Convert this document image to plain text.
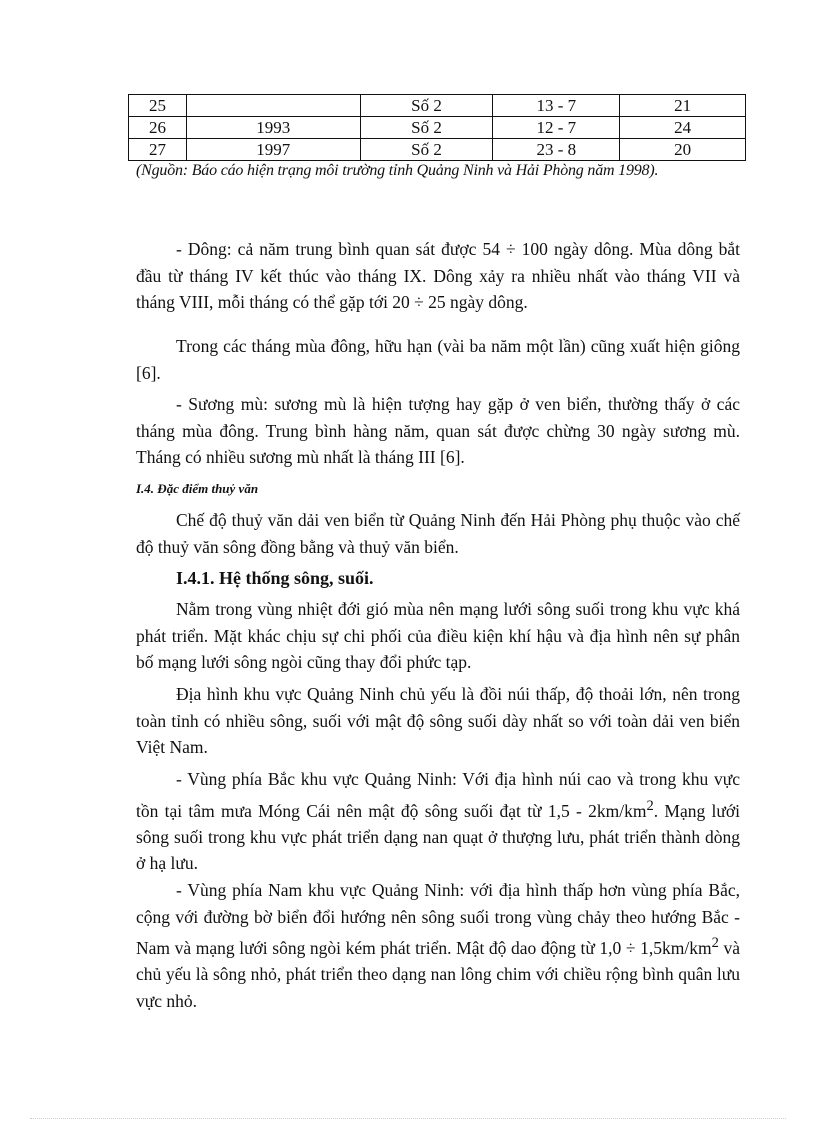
25		Số 2	13 - 7	21
26	1993	Số 2	12 - 7	24
27	1997	Số 2	23 - 8	20
(Nguồn: Báo cáo hiện trạng môi trường tỉnh Quảng Ninh và Hải Phòng năm 1998).

- Dông: cả năm trung bình quan sát được 54 ÷ 100 ngày dông. Mùa dông bắt đầu từ tháng IV kết thúc vào tháng IX. Dông xảy ra nhiều nhất vào tháng VII và tháng VIII, mỗi tháng có thể gặp tới 20 ÷ 25 ngày dông.

Trong các tháng mùa đông, hữu hạn (vài ba năm một lần) cũng xuất hiện giông [6].

- Sương mù: sương mù là hiện tượng hay gặp ở ven biển, thường thấy ở các tháng mùa đông. Trung bình hàng năm, quan sát được chừng 30 ngày sương mù. Tháng có nhiều sương mù nhất là tháng III [6].

I.4. Đặc điểm thuỷ văn

Chế độ thuỷ văn dải ven biển từ Quảng Ninh đến Hải Phòng phụ thuộc vào chế độ thuỷ văn sông đồng bằng và thuỷ văn biển.

I.4.1. Hệ thống sông, suối.

Nằm trong vùng nhiệt đới gió mùa nên mạng lưới sông suối trong khu vực khá phát triển. Mặt khác chịu sự chi phối của điều kiện khí hậu và địa hình nên sự phân bố mạng lưới sông ngòi cũng thay đổi phức tạp.

Địa hình khu vực Quảng Ninh chủ yếu là đồi núi thấp, độ thoải lớn, nên trong toàn tỉnh có nhiều sông, suối với mật độ sông suối dày nhất so với toàn dải ven biển Việt Nam.

- Vùng phía Bắc khu vực Quảng Ninh: Với địa hình núi cao và trong khu vực tồn tại tâm mưa Móng Cái nên mật độ sông suối đạt từ $1,5 - 2km/km^2$. Mạng lưới sông suối trong khu vực phát triển dạng nan quạt ở thượng lưu, phát triển thành dòng ở hạ lưu.

- Vùng phía Nam khu vực Quảng Ninh: với địa hình thấp hơn vùng phía Bắc, cộng với đường bờ biển đổi hướng nên sông suối trong vùng chảy theo hướng Bắc - Nam và mạng lưới sông ngòi kém phát triển. Mật độ dao động từ $1,0 \div 1,5km/km^2$ và chủ yếu là sông nhỏ, phát triển theo dạng nan lông chim với chiều rộng bình quân lưu vực nhỏ.
